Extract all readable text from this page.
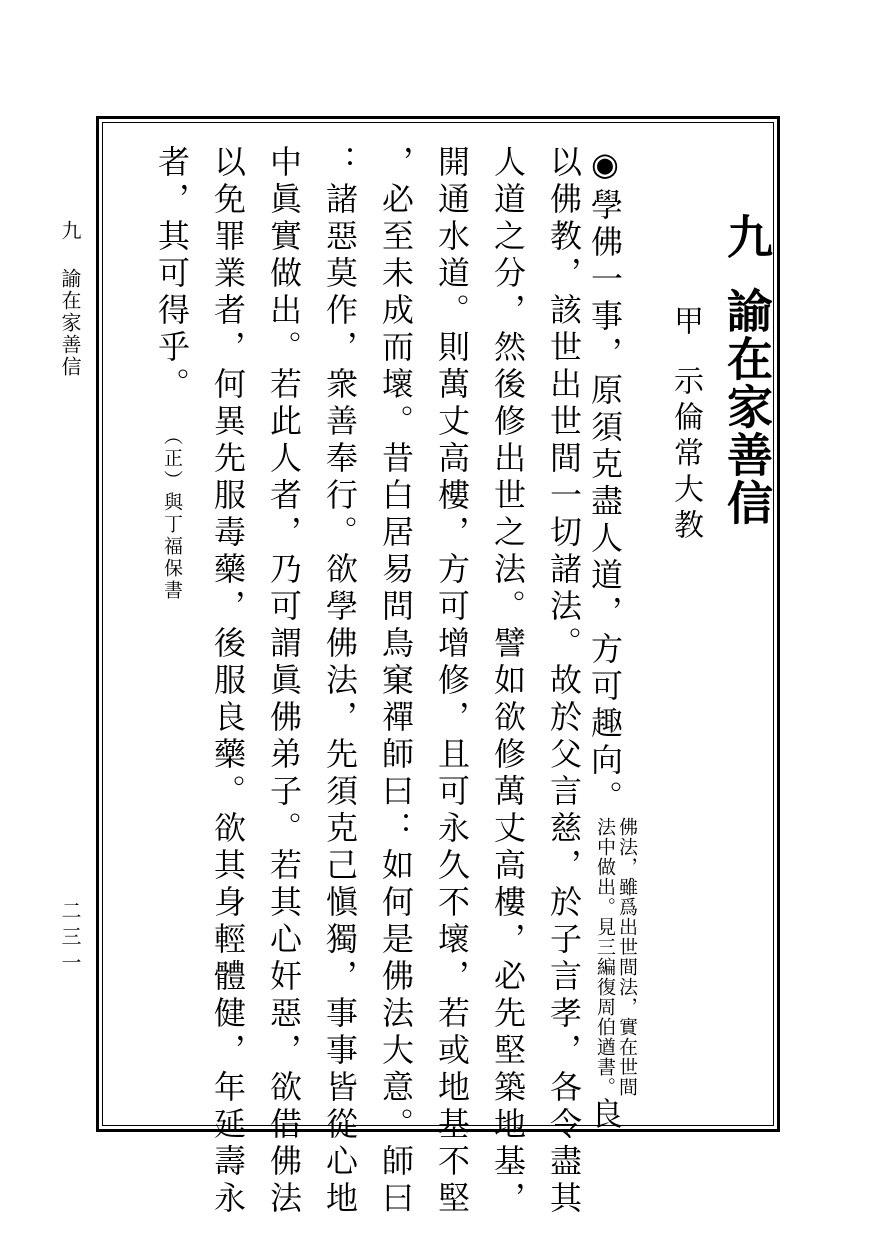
九 諭在家善信
二三一
九諭在家善信
甲示倫常大教
◉學佛一事，原須克盡人道，方可趣向。
佛法，雖爲出世間法，實在世間
法中做出。見三編復周伯遒書。
良
以佛教，該世出世間一切諸法。故於父言慈，於子言孝，各令盡其
人道之分，然後修出世之法。譬如欲修萬丈高樓，必先堅築地基，
開通水道。則萬丈高樓，方可增修，且可永久不壞，若或地基不堅
，必至未成而壞。昔白居易問鳥窠禪師曰：如何是佛法大意。師曰
：諸惡莫作，衆善奉行。欲學佛法，先須克己愼獨，事事皆從心地
中眞實做出。若此人者，乃可謂眞佛弟子。若其心奸惡，欲借佛法
以免罪業者，何異先服毒藥，後服良藥。欲其身輕體健，年延壽永
者，其可得乎。（正）與丁福保書
